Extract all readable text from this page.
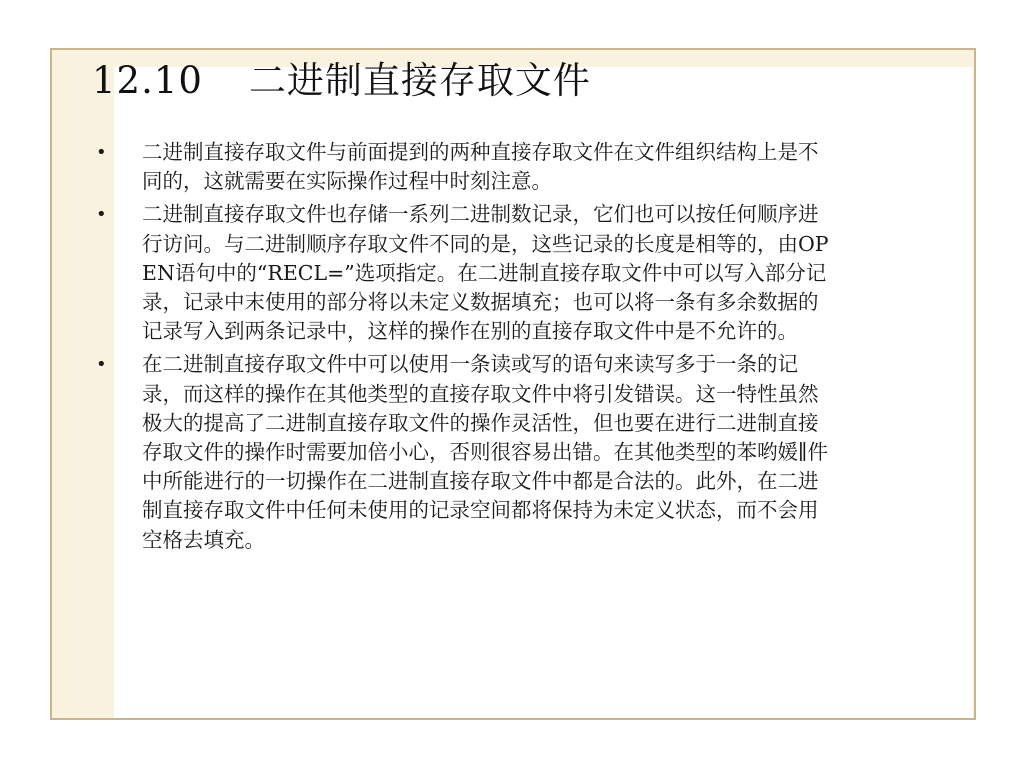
12.10 二进制直接存取文件
• 二进制直接存取文件与前面提到的两种直接存取文件在文件组织结构上是不同的，这就需要在实际操作过程中时刻注意。
• 二进制直接存取文件也存储一系列二进制数记录，它们也可以按任何顺序进行访问。与二进制顺序存取文件不同的是，这些记录的长度是相等的，由OPEN语句中的“RECL=”选项指定。在二进制直接存取文件中可以写入部分记录，记录中末使用的部分将以未定义数据填充；也可以将一条有多余数据的记录写入到两条记录中，这样的操作在别的直接存取文件中是不允许的。
• 在二进制直接存取文件中可以使用一条读或写的语句来读写多于一条的记录，而这样的操作在其他类型的直接存取文件中将引发错误。这一特性虽然极大的提高了二进制直接存取文件的操作灵活性，但也要在进行二进制直接存取文件的操作时需要加倍小心，否则很容易出错。在其他类型的苯哟媛∥件中所能进行的一切操作在二进制直接存取文件中都是合法的。此外，在二进制直接存取文件中任何未使用的记录空间都将保持为未定义状态，而不会用空格去填充。
